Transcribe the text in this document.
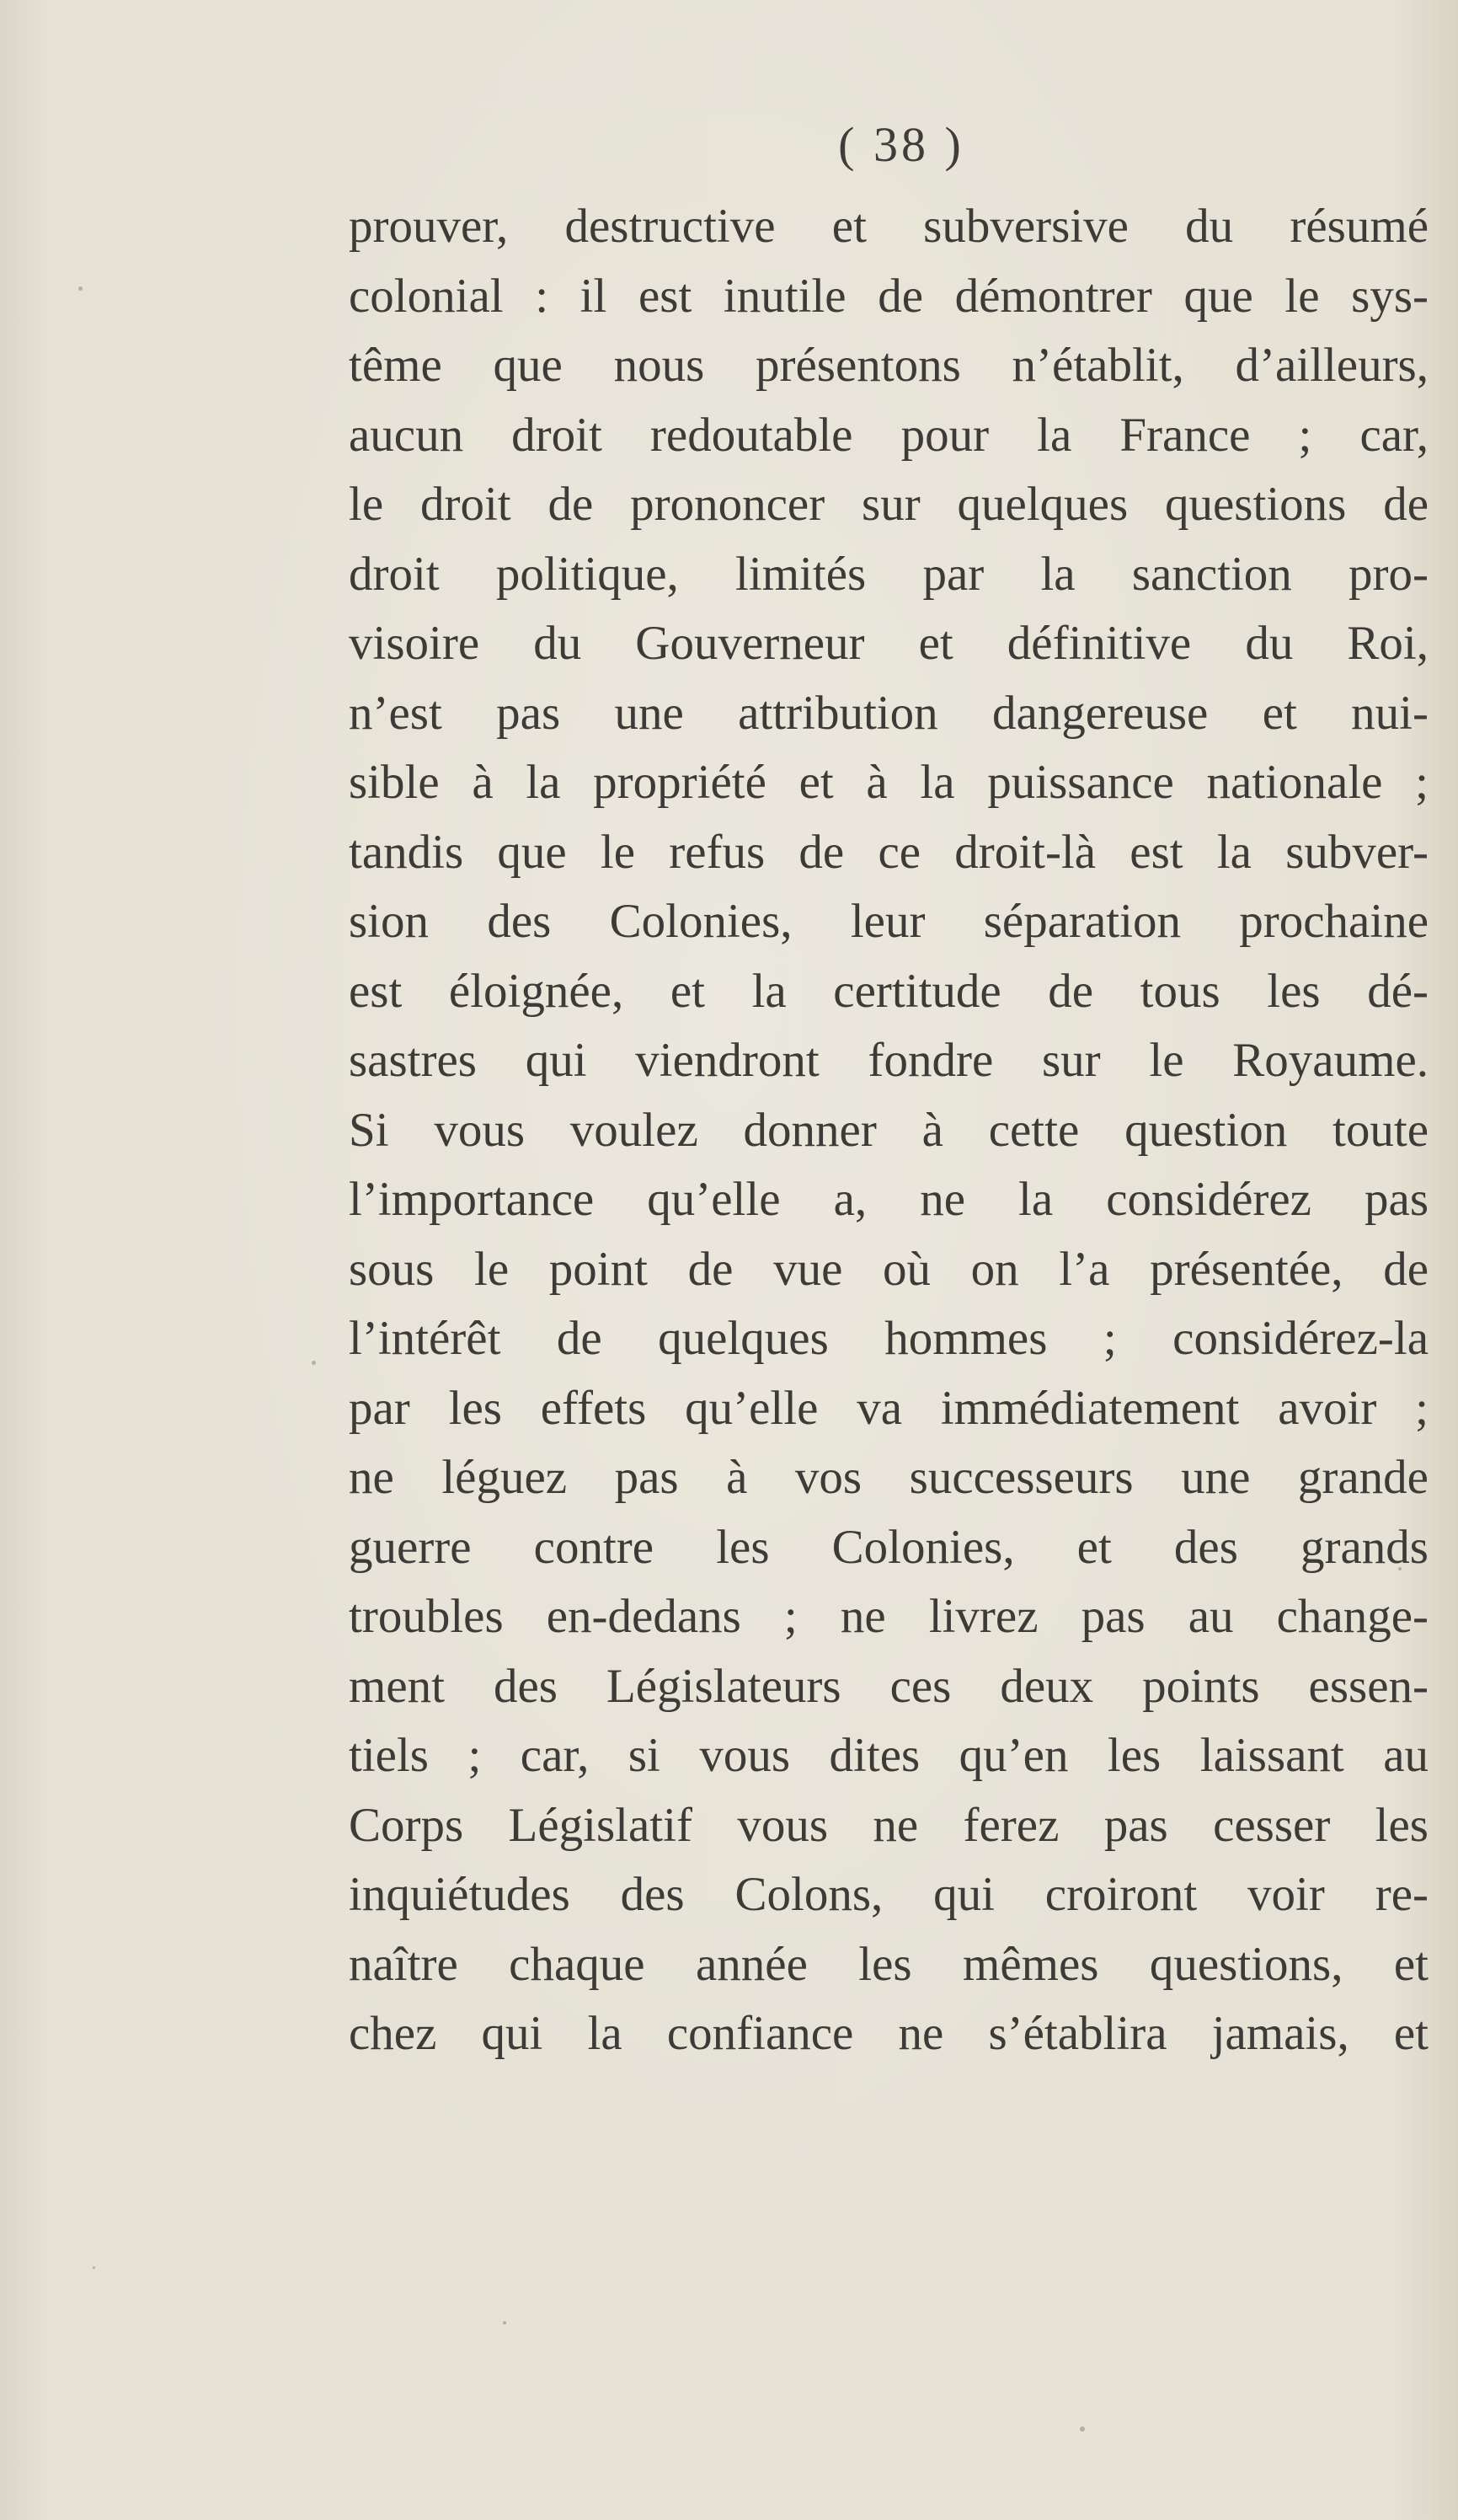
( 38 )
prouver, destructive et subversive du résumé
colonial : il est inutile de démontrer que le sys-
tême que nous présentons n’établit, d’ailleurs,
aucun droit redoutable pour la France ; car,
le droit de prononcer sur quelques questions de
droit politique, limités par la sanction pro-
visoire du Gouverneur et définitive du Roi,
n’est pas une attribution dangereuse et nui-
sible à la propriété et à la puissance nationale ;
tandis que le refus de ce droit-là est la subver-
sion des Colonies, leur séparation prochaine
est éloignée, et la certitude de tous les dé-
sastres qui viendront fondre sur le Royaume.
Si vous voulez donner à cette question toute
l’importance qu’elle a, ne la considérez pas
sous le point de vue où on l’a présentée, de
l’intérêt de quelques hommes ; considérez-la
par les effets qu’elle va immédiatement avoir ;
ne léguez pas à vos successeurs une grande
guerre contre les Colonies, et des grands
troubles en-dedans ; ne livrez pas au change-
ment des Législateurs ces deux points essen-
tiels ; car, si vous dites qu’en les laissant au
Corps Législatif vous ne ferez pas cesser les
inquiétudes des Colons, qui croiront voir re-
naître chaque année les mêmes questions, et
chez qui la confiance ne s’établira jamais, et
